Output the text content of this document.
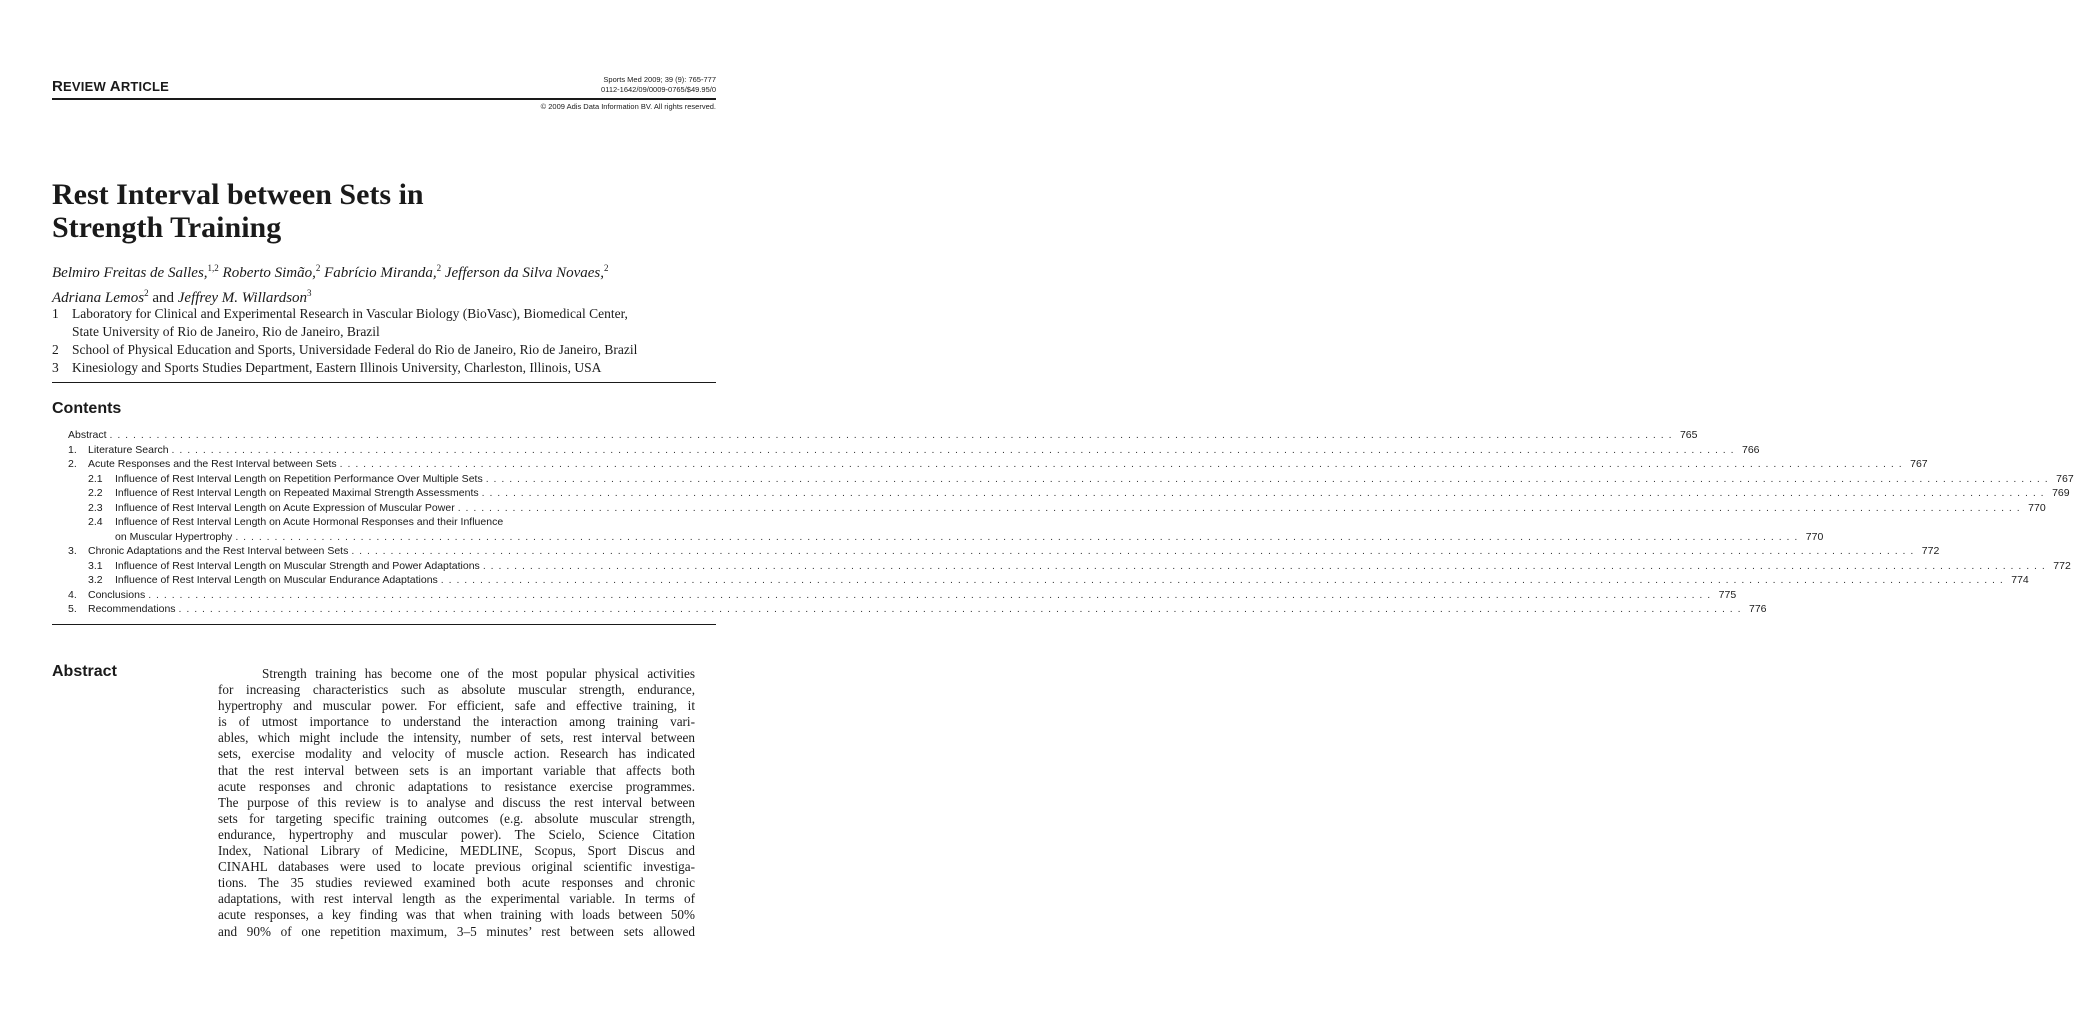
REVIEW ARTICLE	Sports Med 2009; 39 (9): 765-777
0112-1642/09/0009-0765/$49.95/0
© 2009 Adis Data Information BV. All rights reserved.
Rest Interval between Sets in
Strength Training
Belmiro Freitas de Salles,$^{1,2}$ Roberto Simão,$^2$ Fabrício Miranda,$^2$ Jefferson da Silva Novaes,$^2$
Adriana Lemos$^2$ and Jeffrey M. Willardson$^3$
1 Laboratory for Clinical and Experimental Research in Vascular Biology (BioVasc), Biomedical Center,
State University of Rio de Janeiro, Rio de Janeiro, Brazil
2 School of Physical Education and Sports, Universidade Federal do Rio de Janeiro, Rio de Janeiro, Brazil
3 Kinesiology and Sports Studies Department, Eastern Illinois University, Charleston, Illinois, USA
Contents
Abstract . . . . . . . . . . . . . . . . . . . . . . . . . . . . . . . . . . . . . . . . . . . . . . . . . . . . . . . . . . . . . . . . . . . . . . . . . . . . . . . . . . . . . . . . . . . . . . . . . . . . . . . . . . . . . . . . . . . . . . . . . . . . . . . . . . . . . . . . . . . . . . . . . . . . . . . . . . . . . . . . . . . . . . . . . . . . . . . . . . . . . . . . . . . . . . . . . . . . . . . . 765
1.	Literature Search . . . . . . . . . . . . . . . . . . . . . . . . . . . . . . . . . . . . . . . . . . . . . . . . . . . . . . . . . . . . . . . . . . . . . . . . . . . . . . . . . . . . . . . . . . . . . . . . . . . . . . . . . . . . . . . . . . . . . . . . . . . . . . . . . . . . . . . . . . . . . . . . . . . . . . . . . . . . . . . . . . . . . . . . . . . . . . . . . . . . . . . . . . . . . . . . . . . . . . . . 766
2.	Acute Responses and the Rest Interval between Sets . . . . . . . . . . . . . . . . . . . . . . . . . . . . . . . . . . . . . . . . . . . . . . . . . . . . . . . . . . . . . . . . . . . . . . . . . . . . . . . . . . . . . . . . . . . . . . . . . . . . . . . . . . . . . . . . . . . . . . . . . . . . . . . . . . . . . . . . . . . . . . . . . . . . . . . . . . . . . . . . . . . . . . . . . . . . . . . . . . . . . . . . . . . . . . . . . . . . . . . . 767
2.1	Influence of Rest Interval Length on Repetition Performance Over Multiple Sets . . . . . . . . . . . . . . . . . . . . . . . . . . . . . . . . . . . . . . . . . . . . . . . . . . . . . . . . . . . . . . . . . . . . . . . . . . . . . . . . . . . . . . . . . . . . . . . . . . . . . . . . . . . . . . . . . . . . . . . . . . . . . . . . . . . . . . . . . . . . . . . . . . . . . . . . . . . . . . . . . . . . . . . . . . . . . . . . . . . . . . . . . . . . . . . . . . . . . . . . 767
2.2	Influence of Rest Interval Length on Repeated Maximal Strength Assessments . . . . . . . . . . . . . . . . . . . . . . . . . . . . . . . . . . . . . . . . . . . . . . . . . . . . . . . . . . . . . . . . . . . . . . . . . . . . . . . . . . . . . . . . . . . . . . . . . . . . . . . . . . . . . . . . . . . . . . . . . . . . . . . . . . . . . . . . . . . . . . . . . . . . . . . . . . . . . . . . . . . . . . . . . . . . . . . . . . . . . . . . . . . . . . . . . . . . . . . . 769
2.3	Influence of Rest Interval Length on Acute Expression of Muscular Power . . . . . . . . . . . . . . . . . . . . . . . . . . . . . . . . . . . . . . . . . . . . . . . . . . . . . . . . . . . . . . . . . . . . . . . . . . . . . . . . . . . . . . . . . . . . . . . . . . . . . . . . . . . . . . . . . . . . . . . . . . . . . . . . . . . . . . . . . . . . . . . . . . . . . . . . . . . . . . . . . . . . . . . . . . . . . . . . . . . . . . . . . . . . . . . . . . . . . . . . 770
2.4	Influence of Rest Interval Length on Acute Hormonal Responses and their Influence
on Muscular Hypertrophy . . . . . . . . . . . . . . . . . . . . . . . . . . . . . . . . . . . . . . . . . . . . . . . . . . . . . . . . . . . . . . . . . . . . . . . . . . . . . . . . . . . . . . . . . . . . . . . . . . . . . . . . . . . . . . . . . . . . . . . . . . . . . . . . . . . . . . . . . . . . . . . . . . . . . . . . . . . . . . . . . . . . . . . . . . . . . . . . . . . . . . . . . . . . . . . . . . . . . . . . 770
3.	Chronic Adaptations and the Rest Interval between Sets . . . . . . . . . . . . . . . . . . . . . . . . . . . . . . . . . . . . . . . . . . . . . . . . . . . . . . . . . . . . . . . . . . . . . . . . . . . . . . . . . . . . . . . . . . . . . . . . . . . . . . . . . . . . . . . . . . . . . . . . . . . . . . . . . . . . . . . . . . . . . . . . . . . . . . . . . . . . . . . . . . . . . . . . . . . . . . . . . . . . . . . . . . . . . . . . . . . . . . . . 772
3.1	Influence of Rest Interval Length on Muscular Strength and Power Adaptations . . . . . . . . . . . . . . . . . . . . . . . . . . . . . . . . . . . . . . . . . . . . . . . . . . . . . . . . . . . . . . . . . . . . . . . . . . . . . . . . . . . . . . . . . . . . . . . . . . . . . . . . . . . . . . . . . . . . . . . . . . . . . . . . . . . . . . . . . . . . . . . . . . . . . . . . . . . . . . . . . . . . . . . . . . . . . . . . . . . . . . . . . . . . . . . . . . . . . . . . 772
3.2	Influence of Rest Interval Length on Muscular Endurance Adaptations . . . . . . . . . . . . . . . . . . . . . . . . . . . . . . . . . . . . . . . . . . . . . . . . . . . . . . . . . . . . . . . . . . . . . . . . . . . . . . . . . . . . . . . . . . . . . . . . . . . . . . . . . . . . . . . . . . . . . . . . . . . . . . . . . . . . . . . . . . . . . . . . . . . . . . . . . . . . . . . . . . . . . . . . . . . . . . . . . . . . . . . . . . . . . . . . . . . . . . . . 774
4.	Conclusions . . . . . . . . . . . . . . . . . . . . . . . . . . . . . . . . . . . . . . . . . . . . . . . . . . . . . . . . . . . . . . . . . . . . . . . . . . . . . . . . . . . . . . . . . . . . . . . . . . . . . . . . . . . . . . . . . . . . . . . . . . . . . . . . . . . . . . . . . . . . . . . . . . . . . . . . . . . . . . . . . . . . . . . . . . . . . . . . . . . . . . . . . . . . . . . . . . . . . . . . 775
5.	Recommendations . . . . . . . . . . . . . . . . . . . . . . . . . . . . . . . . . . . . . . . . . . . . . . . . . . . . . . . . . . . . . . . . . . . . . . . . . . . . . . . . . . . . . . . . . . . . . . . . . . . . . . . . . . . . . . . . . . . . . . . . . . . . . . . . . . . . . . . . . . . . . . . . . . . . . . . . . . . . . . . . . . . . . . . . . . . . . . . . . . . . . . . . . . . . . . . . . . . . . . . . 776
Abstract	Strength training has become one of the most popular physical activities
for increasing characteristics such as absolute muscular strength, endurance,
hypertrophy and muscular power. For efficient, safe and effective training, it
is of utmost importance to understand the interaction among training vari-
ables, which might include the intensity, number of sets, rest interval between
sets, exercise modality and velocity of muscle action. Research has indicated
that the rest interval between sets is an important variable that affects both
acute responses and chronic adaptations to resistance exercise programmes.
The purpose of this review is to analyse and discuss the rest interval between
sets for targeting specific training outcomes (e.g. absolute muscular strength,
endurance, hypertrophy and muscular power). The Scielo, Science Citation
Index, National Library of Medicine, MEDLINE, Scopus, Sport Discus and
CINAHL databases were used to locate previous original scientific investiga-
tions. The 35 studies reviewed examined both acute responses and chronic
adaptations, with rest interval length as the experimental variable. In terms of
acute responses, a key finding was that when training with loads between 50%
and 90% of one repetition maximum, 3–5 minutes’ rest between sets allowed
